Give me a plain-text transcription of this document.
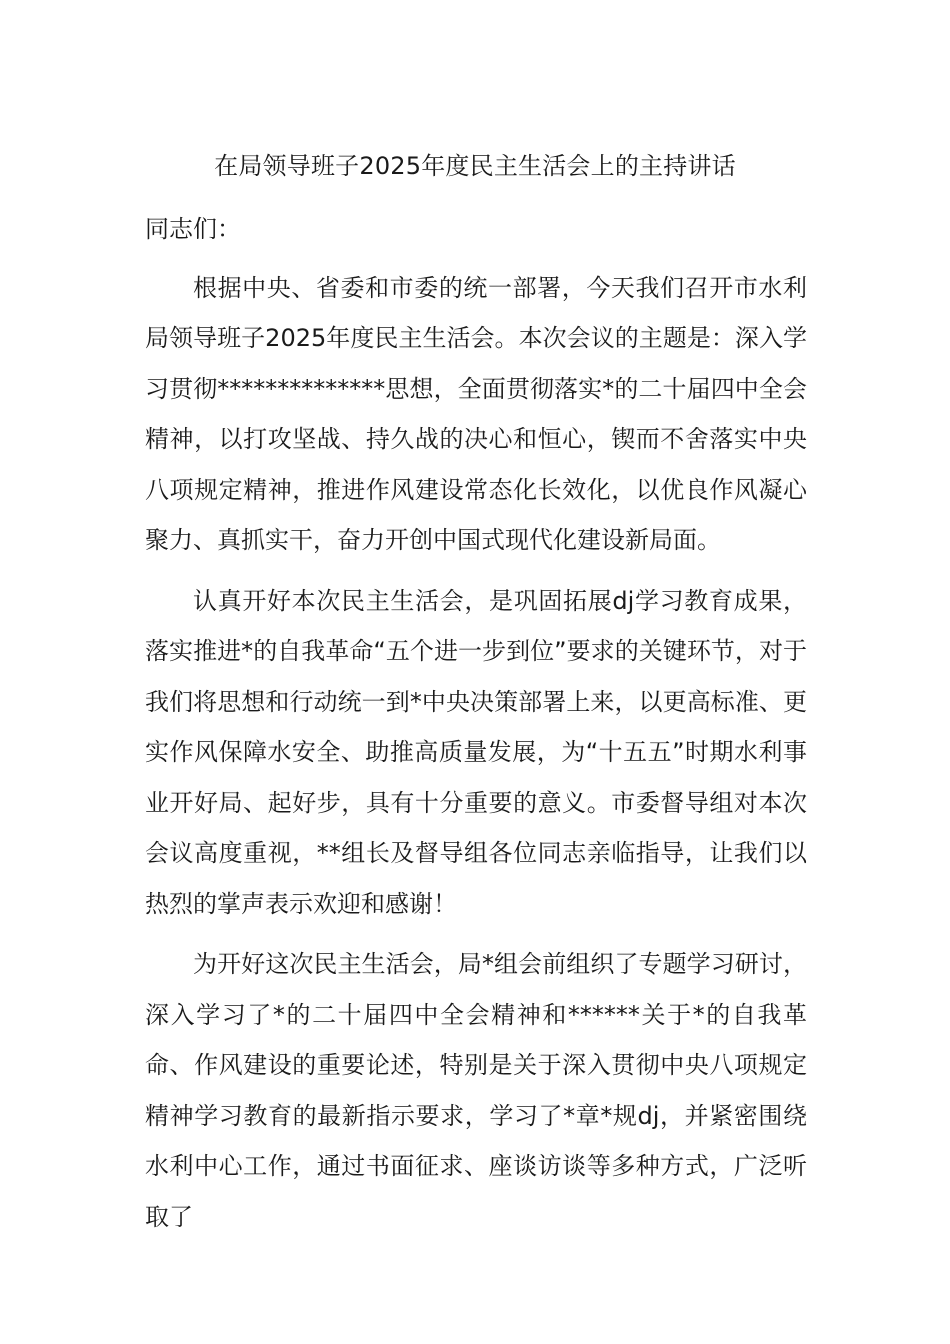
在局领导班子2025年度民主生活会上的主持讲话

同志们：

根据中央、省委和市委的统一部署，今天我们召开市水利局领导班子2025年度民主生活会。本次会议的主题是：深入学习贯彻**************思想，全面贯彻落实*的二十届四中全会精神，以打攻坚战、持久战的决心和恒心，锲而不舍落实中央八项规定精神，推进作风建设常态化长效化，以优良作风凝心聚力、真抓实干，奋力开创中国式现代化建设新局面。

认真开好本次民主生活会，是巩固拓展dj学习教育成果，落实推进*的自我革命“五个进一步到位”要求的关键环节，对于我们将思想和行动统一到*中央决策部署上来，以更高标准、更实作风保障水安全、助推高质量发展，为“十五五”时期水利事业开好局、起好步，具有十分重要的意义。市委督导组对本次会议高度重视，**组长及督导组各位同志亲临指导，让我们以热烈的掌声表示欢迎和感谢！

为开好这次民主生活会，局*组会前组织了专题学习研讨，深入学习了*的二十届四中全会精神和******关于*的自我革命、作风建设的重要论述，特别是关于深入贯彻中央八项规定精神学习教育的最新指示要求，学习了*章*规dj，并紧密围绕水利中心工作，通过书面征求、座谈访谈等多种方式，广泛听取了
